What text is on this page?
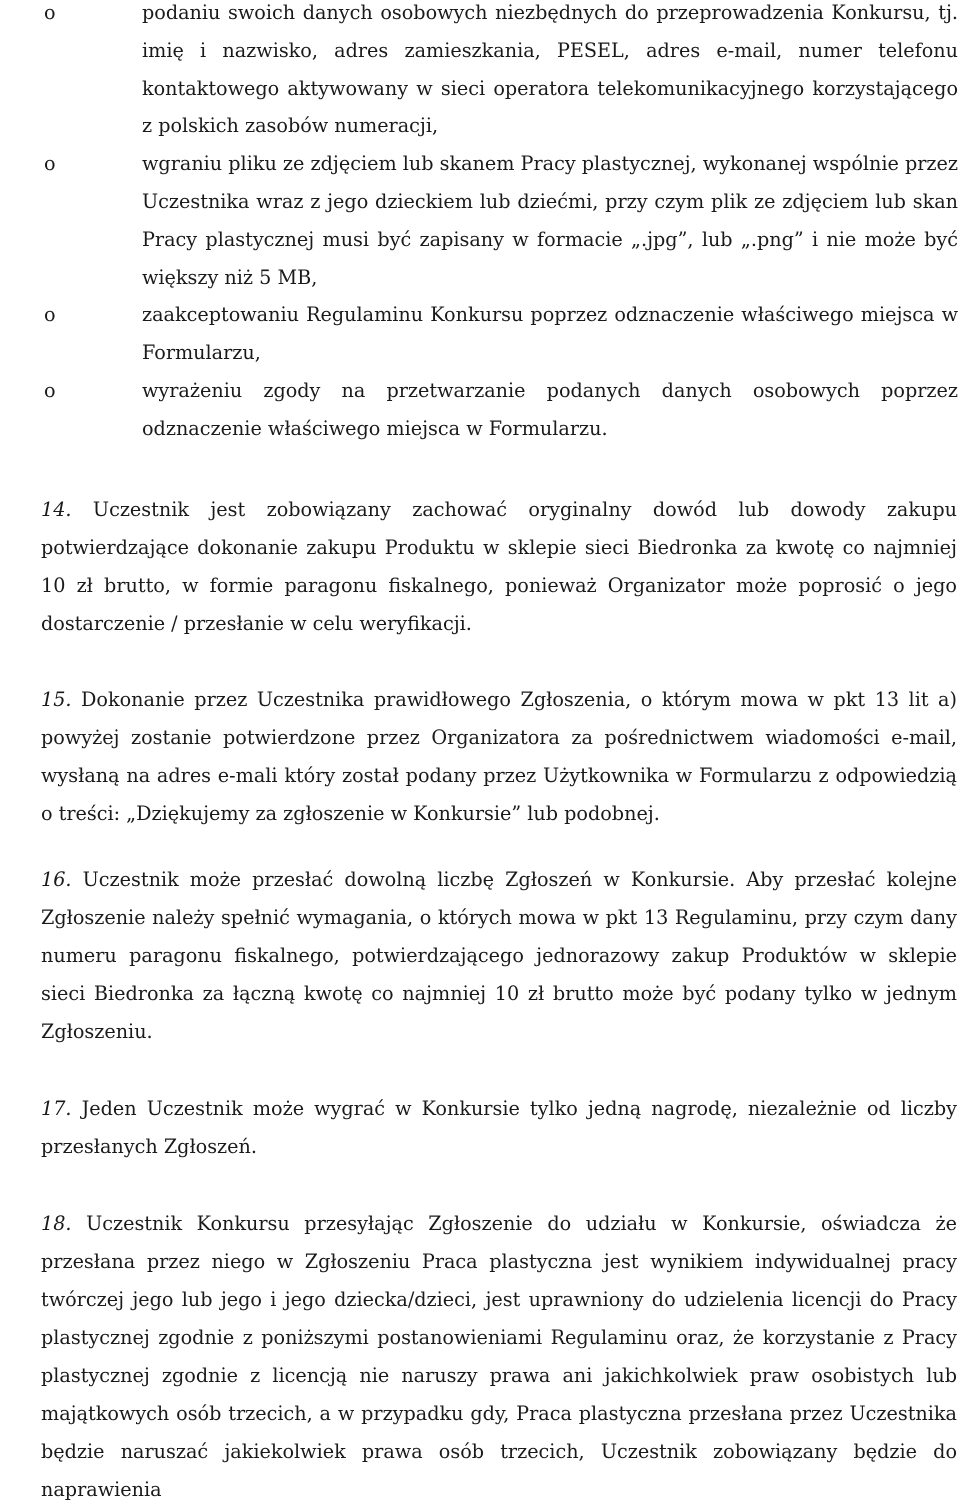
o	podaniu swoich danych osobowych niezbędnych do przeprowadzenia Konkursu, tj. imię i nazwisko, adres zamieszkania, PESEL, adres e-mail, numer telefonu kontaktowego aktywowany w sieci operatora telekomunikacyjnego korzystającego z polskich zasobów numeracji,
o	wgraniu pliku ze zdjęciem lub skanem Pracy plastycznej, wykonanej wspólnie przez Uczestnika wraz z jego dzieckiem lub dziećmi, przy czym plik ze zdjęciem lub skan Pracy plastycznej musi być zapisany w formacie „.jpg”, lub „.png” i nie może być większy niż 5 MB,
o	zaakceptowaniu Regulaminu Konkursu poprzez odznaczenie właściwego miejsca w Formularzu,
o	wyrażeniu zgody na przetwarzanie podanych danych osobowych poprzez odznaczenie właściwego miejsca w Formularzu.

14. Uczestnik jest zobowiązany zachować oryginalny dowód lub dowody zakupu potwierdzające dokonanie zakupu Produktu w sklepie sieci Biedronka za kwotę co najmniej 10 zł brutto, w formie paragonu fiskalnego, ponieważ Organizator może poprosić o jego dostarczenie / przesłanie w celu weryfikacji.

15. Dokonanie przez Uczestnika prawidłowego Zgłoszenia, o którym mowa w pkt 13 lit a) powyżej zostanie potwierdzone przez Organizatora za pośrednictwem wiadomości e-mail, wysłaną na adres e-mali który został podany przez Użytkownika w Formularzu z odpowiedzią o treści: „Dziękujemy za zgłoszenie w Konkursie” lub podobnej.

16. Uczestnik może przesłać dowolną liczbę Zgłoszeń w Konkursie. Aby przesłać kolejne Zgłoszenie należy spełnić wymagania, o których mowa w pkt 13 Regulaminu, przy czym dany numeru paragonu fiskalnego, potwierdzającego jednorazowy zakup Produktów w sklepie sieci Biedronka za łączną kwotę co najmniej 10 zł brutto może być podany tylko w jednym Zgłoszeniu.

17. Jeden Uczestnik może wygrać w Konkursie tylko jedną nagrodę, niezależnie od liczby przesłanych Zgłoszeń.

18. Uczestnik Konkursu przesyłając Zgłoszenie do udziału w Konkursie, oświadcza że przesłana przez niego w Zgłoszeniu Praca plastyczna jest wynikiem indywidualnej pracy twórczej jego lub jego i jego dziecka/dzieci, jest uprawniony do udzielenia licencji do Pracy plastycznej zgodnie z poniższymi postanowieniami Regulaminu oraz, że korzystanie z Pracy plastycznej zgodnie z licencją nie naruszy prawa ani jakichkolwiek praw osobistych lub majątkowych osób trzecich, a w przypadku gdy, Praca plastyczna przesłana przez Uczestnika będzie naruszać jakiekolwiek prawa osób trzecich, Uczestnik zobowiązany będzie do naprawienia
